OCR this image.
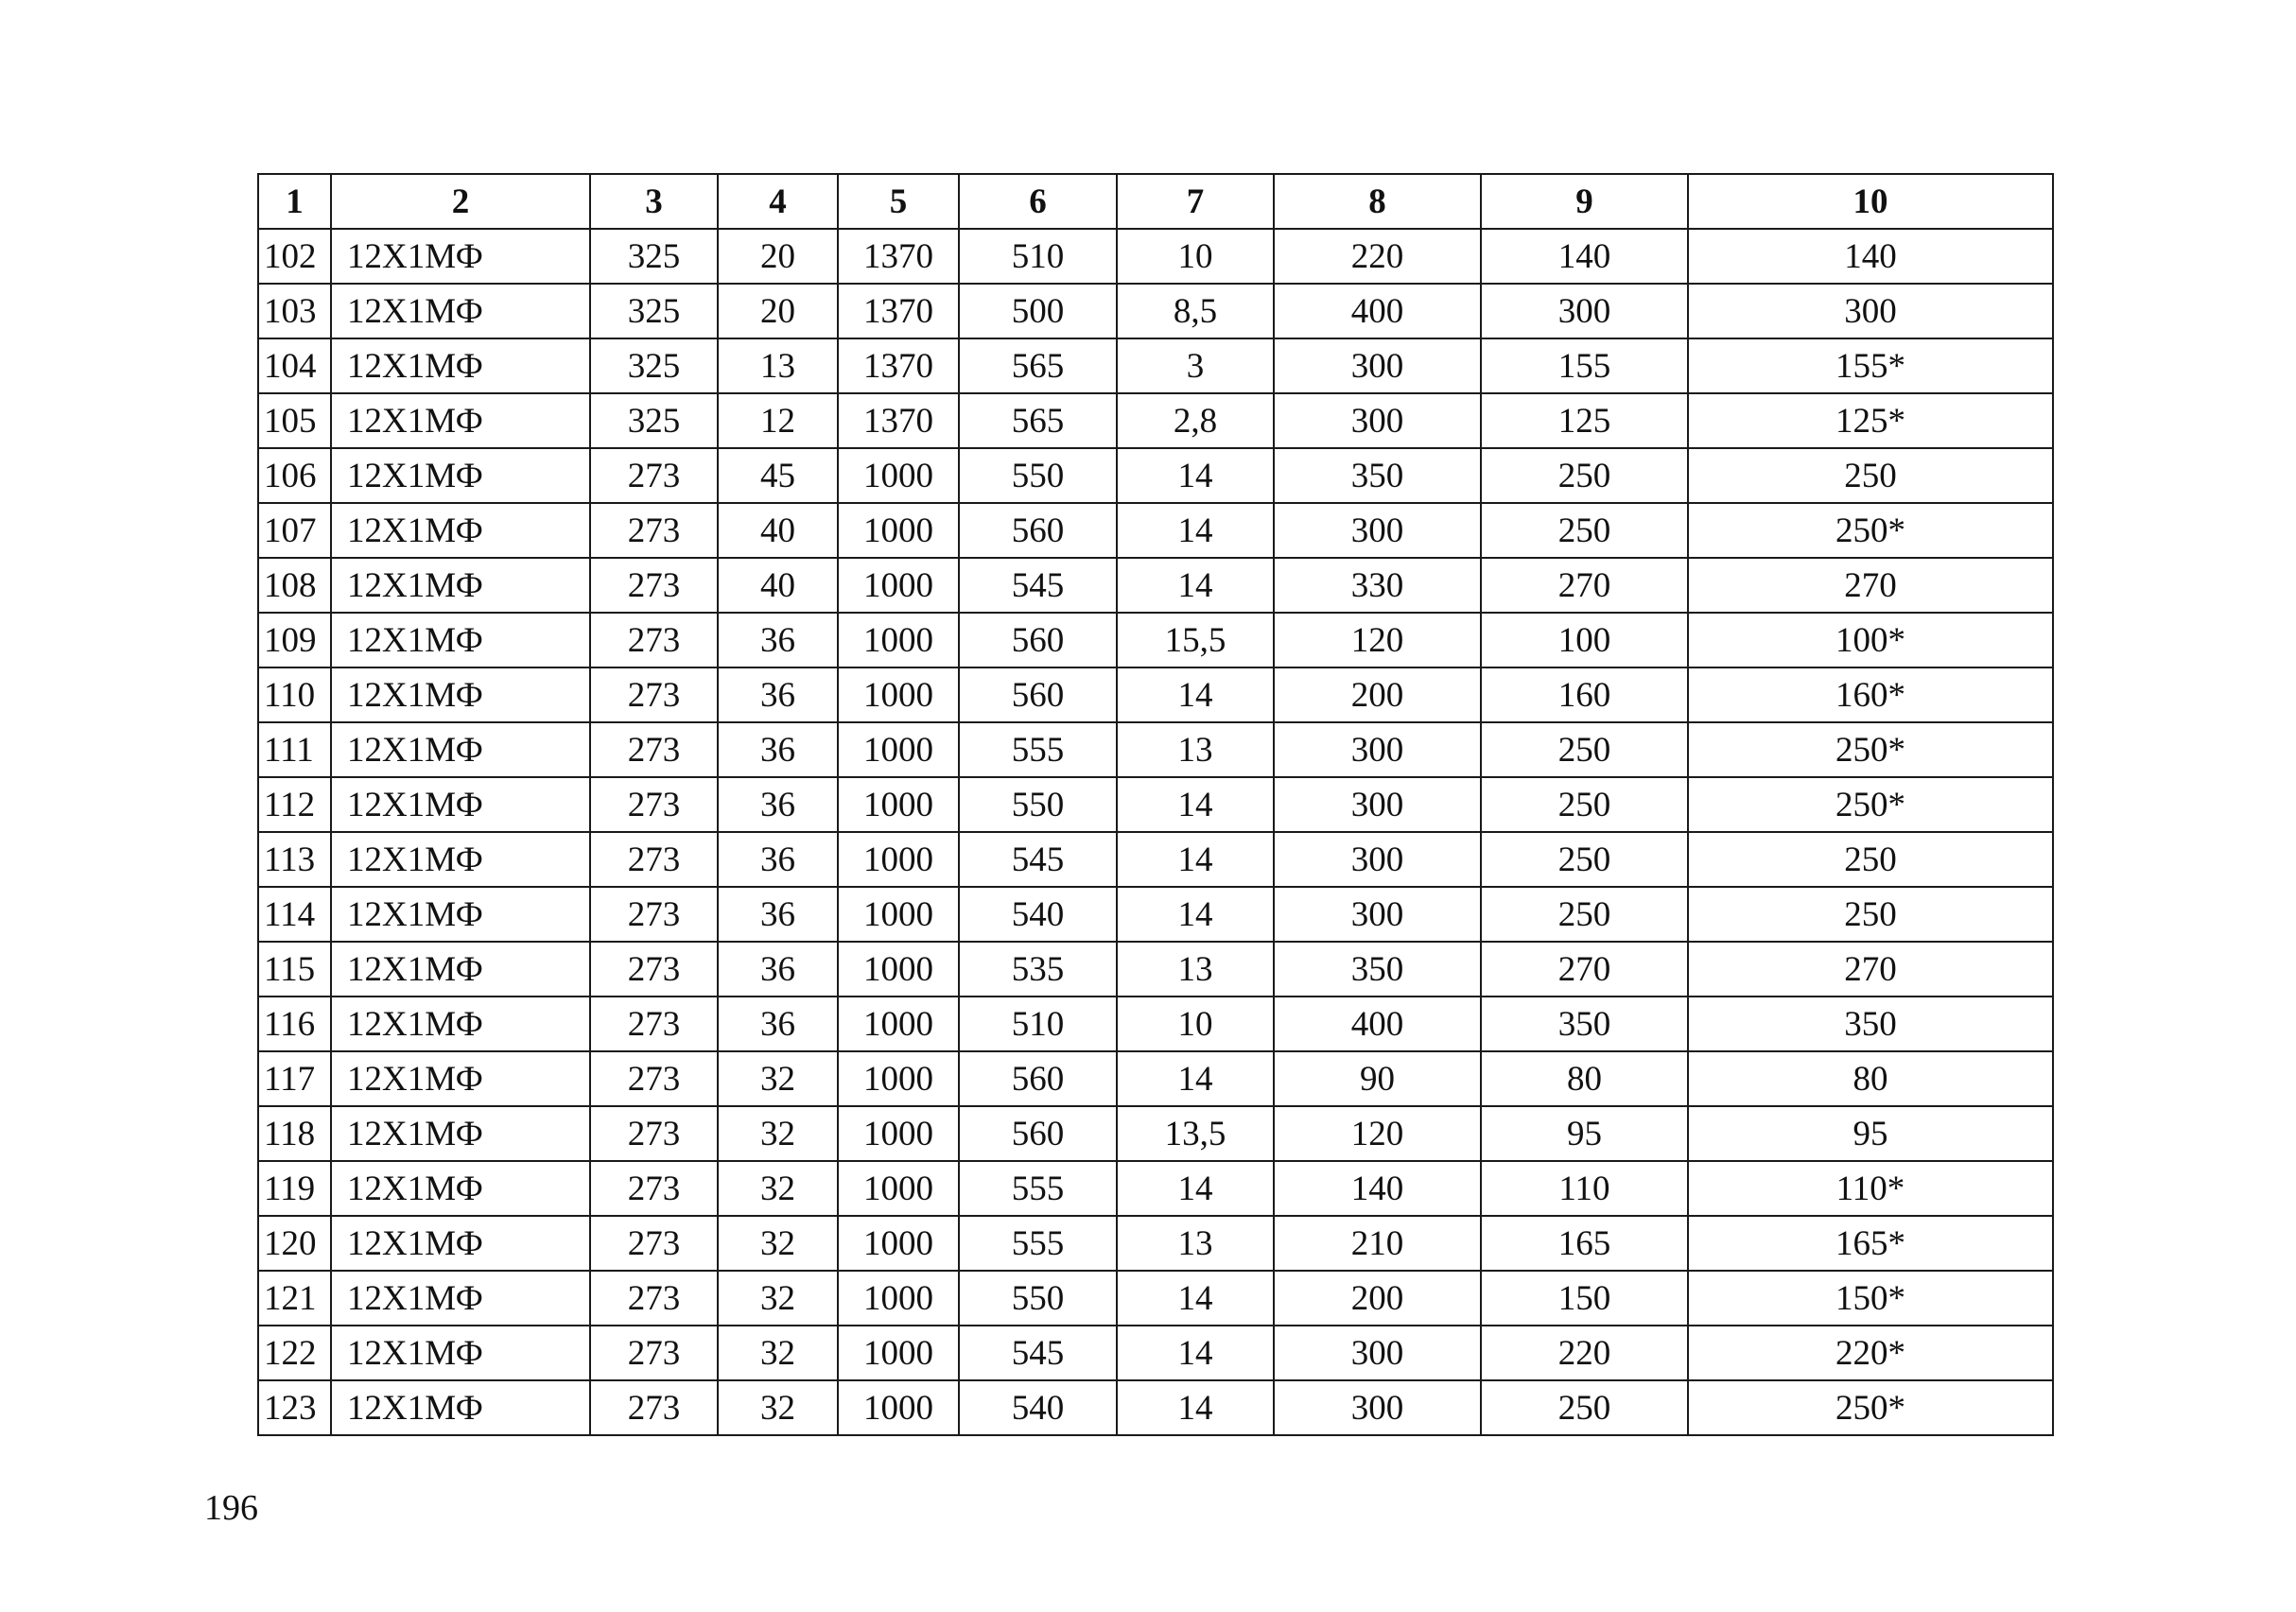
1	2	3	4	5	6	7	8	9	10
102	12Х1МФ	325	20	1370	510	10	220	140	140
103	12Х1МФ	325	20	1370	500	8,5	400	300	300
104	12Х1МФ	325	13	1370	565	3	300	155	155*
105	12Х1МФ	325	12	1370	565	2,8	300	125	125*
106	12Х1МФ	273	45	1000	550	14	350	250	250
107	12Х1МФ	273	40	1000	560	14	300	250	250*
108	12Х1МФ	273	40	1000	545	14	330	270	270
109	12Х1МФ	273	36	1000	560	15,5	120	100	100*
110	12Х1МФ	273	36	1000	560	14	200	160	160*
111	12Х1МФ	273	36	1000	555	13	300	250	250*
112	12Х1МФ	273	36	1000	550	14	300	250	250*
113	12Х1МФ	273	36	1000	545	14	300	250	250
114	12Х1МФ	273	36	1000	540	14	300	250	250
115	12Х1МФ	273	36	1000	535	13	350	270	270
116	12Х1МФ	273	36	1000	510	10	400	350	350
117	12Х1МФ	273	32	1000	560	14	90	80	80
118	12Х1МФ	273	32	1000	560	13,5	120	95	95
119	12Х1МФ	273	32	1000	555	14	140	110	110*
120	12Х1МФ	273	32	1000	555	13	210	165	165*
121	12Х1МФ	273	32	1000	550	14	200	150	150*
122	12Х1МФ	273	32	1000	545	14	300	220	220*
123	12Х1МФ	273	32	1000	540	14	300	250	250*
196
